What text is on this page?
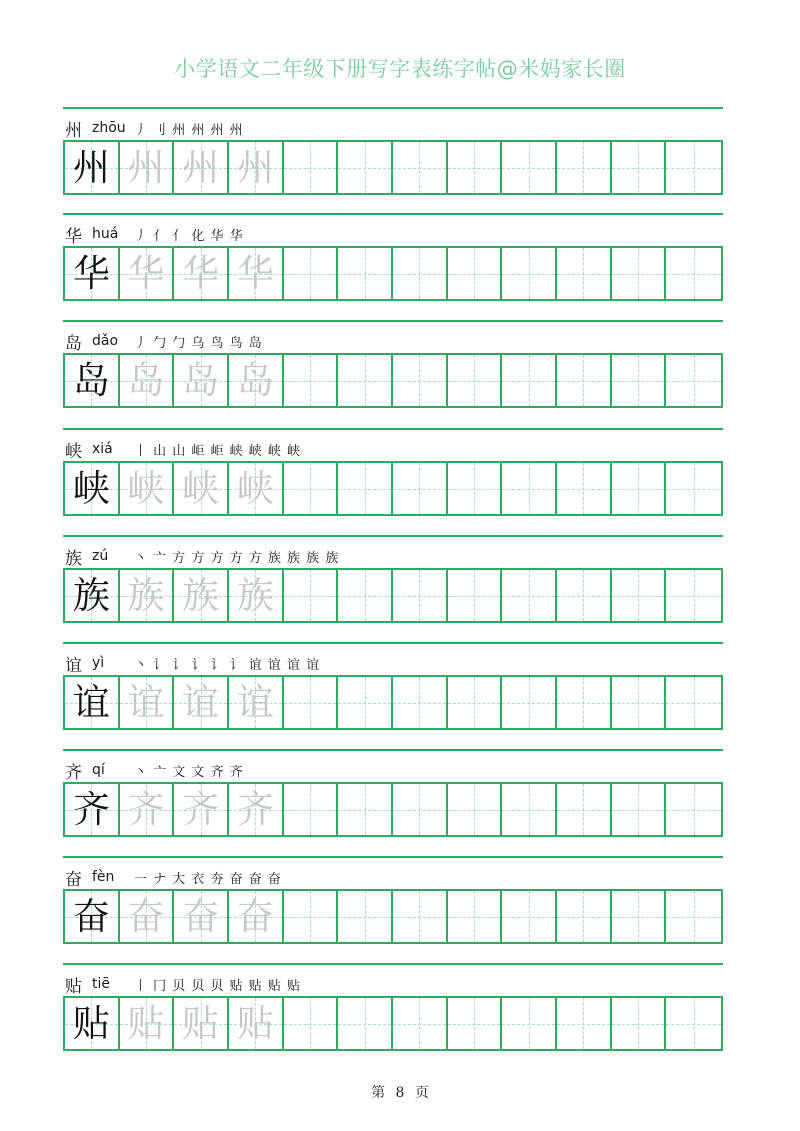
小学语文二年级下册写字表练字帖@米妈家长圈
州 zhōu 丿 ⺉ 州 州 州 州
州 州 州 州
华 huá	丿 亻 亻 化 华 华
华 华 华 华
岛 dǎo	丿 勹 勹 乌 鸟 鸟 岛
岛 岛 岛 岛
峡 xiá	丨 山 山 岠 岠 峡 峡 峡 峡
峡 峡 峡 峡
族 zú	丶 亠 方 方 方 方 方 族 族 族 族
族 族 族 族
谊 yì	丶 讠 讠 讠 讠 讠 谊 谊 谊 谊
谊 谊 谊 谊
齐 qí	丶 亠 文 文 齐 齐
齐 齐 齐 齐
奋 fèn	一 ナ 大 衣 夯 奋 奋 奋
奋 奋 奋 奋
贴 tiē	丨 冂 贝 贝 贝 贴 贴 贴 贴
贴 贴 贴 贴
第 8 页
